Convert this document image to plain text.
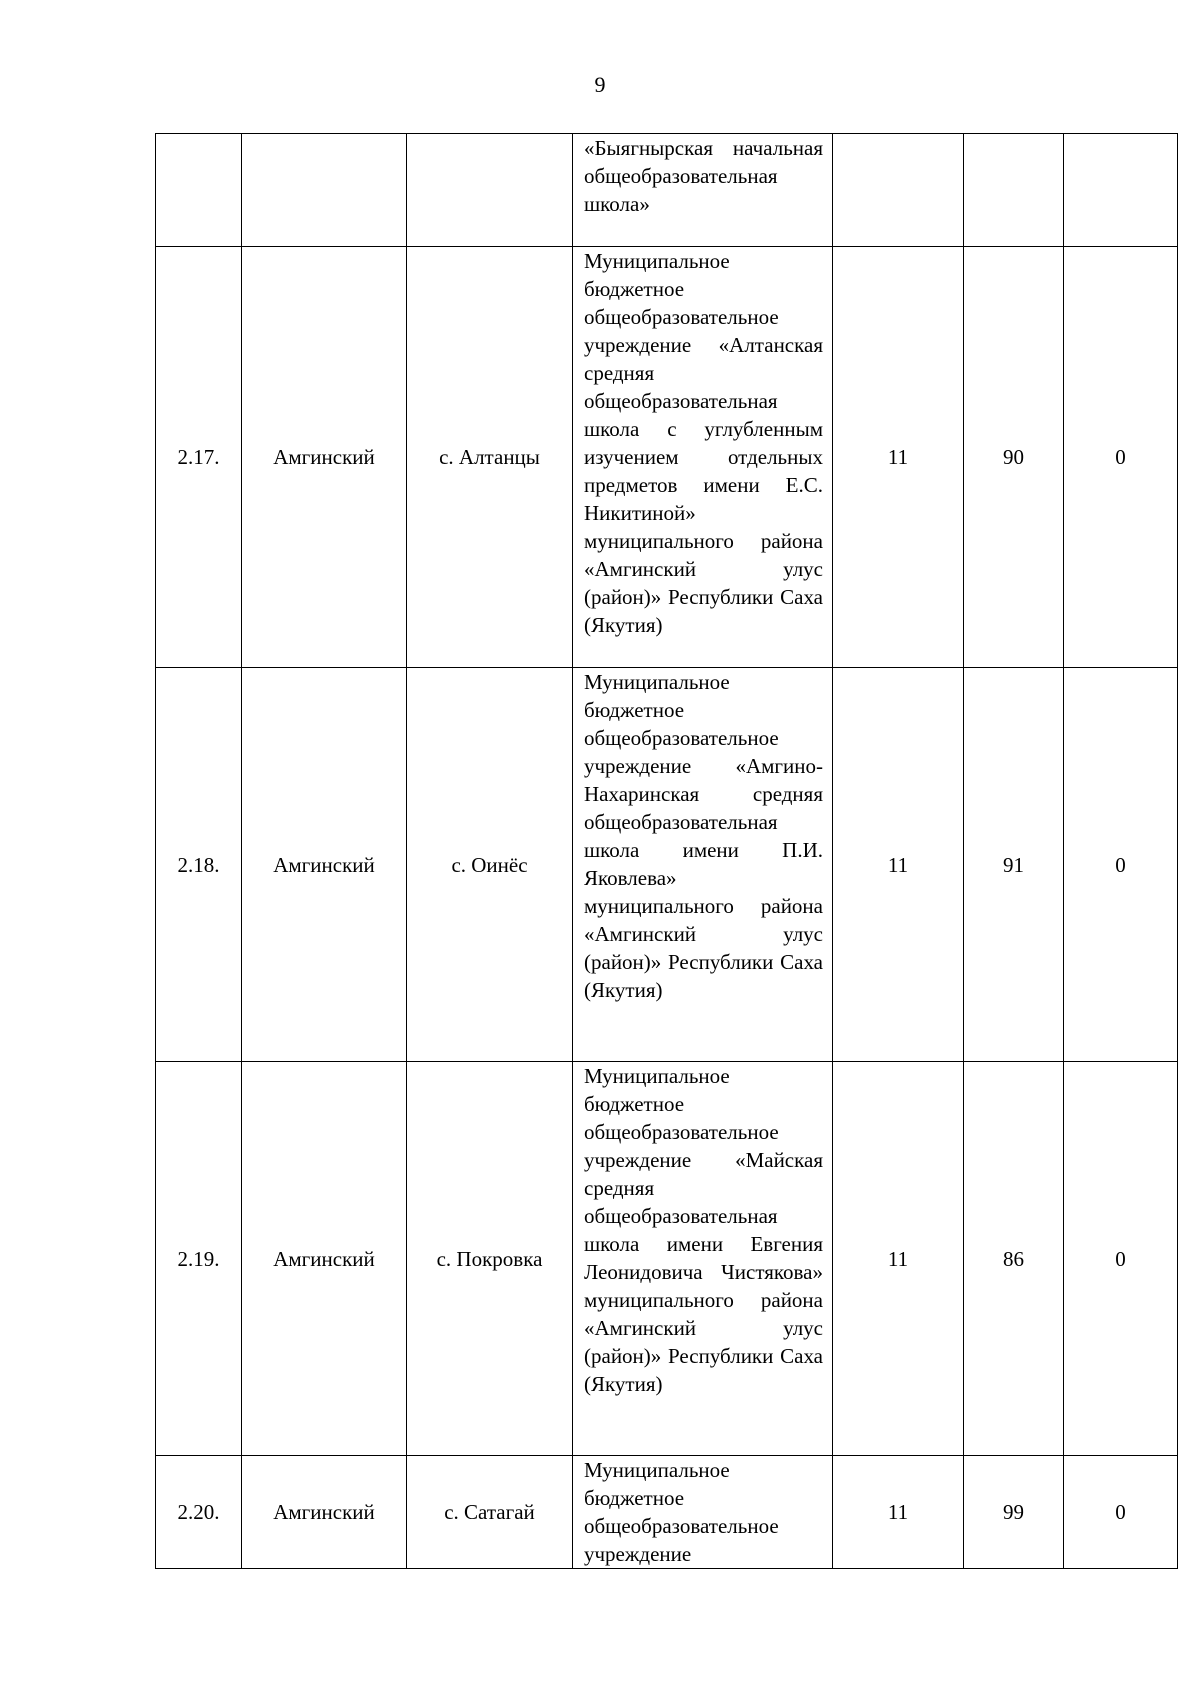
9
			«Быягнырская начальная общеобразовательная школа»			
2.17.	Амгинский	с. Алтанцы	Муниципальное бюджетное общеобразовательное учреждение «Алтанская средняя общеобразовательная школа с углубленным изучением отдельных предметов имени Е.С. Никитиной» муниципального района «Амгинский улус (район)» Республики Саха (Якутия)	11	90	0
2.18.	Амгинский	с. Оинёс	Муниципальное бюджетное общеобразовательное учреждение «Амгино-Нахаринская средняя общеобразовательная школа имени П.И. Яковлева» муниципального района «Амгинский улус (район)» Республики Саха (Якутия)	11	91	0
2.19.	Амгинский	с. Покровка	Муниципальное бюджетное общеобразовательное учреждение «Майская средняя общеобразовательная школа имени Евгения Леонидовича Чистякова» муниципального района «Амгинский улус (район)» Республики Саха (Якутия)	11	86	0
2.20.	Амгинский	с. Сатагай	Муниципальное бюджетное общеобразовательное учреждение	11	99	0
